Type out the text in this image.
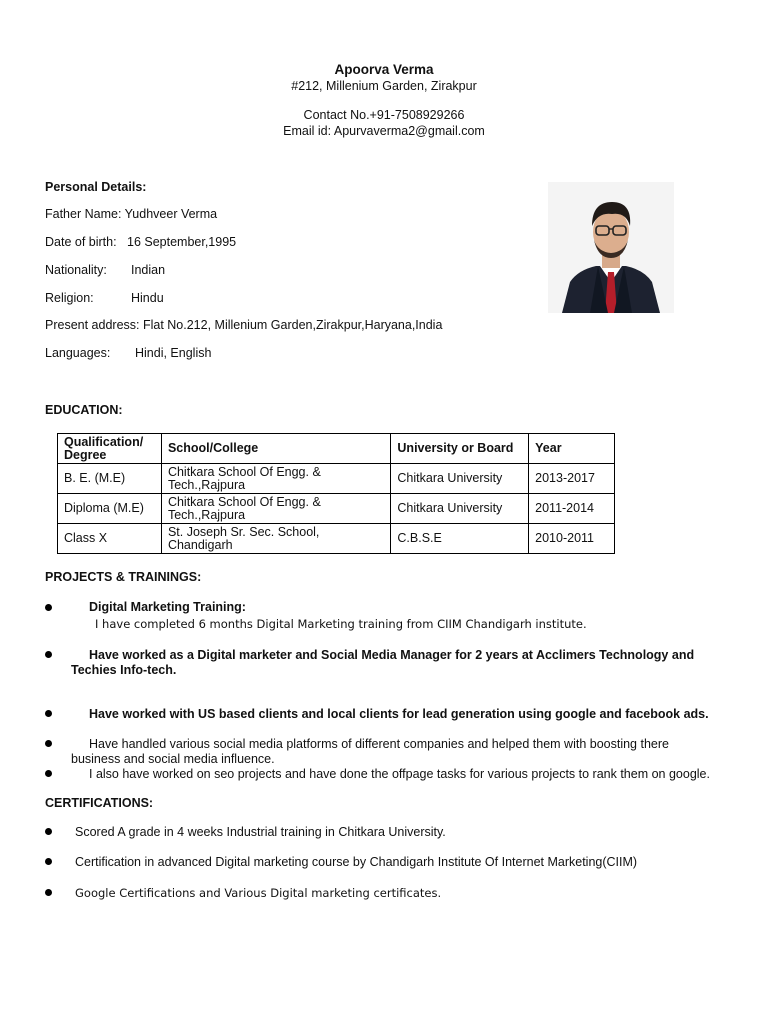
Apoorva Verma
#212, Millenium Garden, Zirakpur
Contact No.+91-7508929266
Email id: Apurvaverma2@gmail.com
Personal Details:
Father Name: Yudhveer Verma
Date of birth: 16 September,1995
Nationality: Indian
Religion:	Hindu
Present address: Flat No.212, Millenium Garden,Zirakpur,Haryana,India
Languages: Hindi, English
EDUCATION:
Qualification/ Degree	School/College	University or Board	Year
B. E. (M.E)	Chitkara School Of Engg. & Tech.,Rajpura	Chitkara University	2013-2017
Diploma (M.E)	Chitkara School Of Engg. & Tech.,Rajpura	Chitkara University	2011-2014
Class X	St. Joseph Sr. Sec. School, Chandigarh	C.B.S.E	2010-2011
PROJECTS & TRAININGS:
Digital Marketing Training:
I have completed 6 months Digital Marketing training from CIIM Chandigarh institute.
Have worked as a Digital marketer and Social Media Manager for 2 years at Acclimers Technology and
Techies Info-tech.
Have worked with US based clients and local clients for lead generation using google and facebook ads.
Have handled various social media platforms of different companies and helped them with boosting there
business and social media influence.
I also have worked on seo projects and have done the offpage tasks for various projects to rank them on google.
CERTIFICATIONS:
Scored A grade in 4 weeks Industrial training in Chitkara University.
Certification in advanced Digital marketing course by Chandigarh Institute Of Internet Marketing(CIIM)
Google Certifications and Various Digital marketing certificates.
